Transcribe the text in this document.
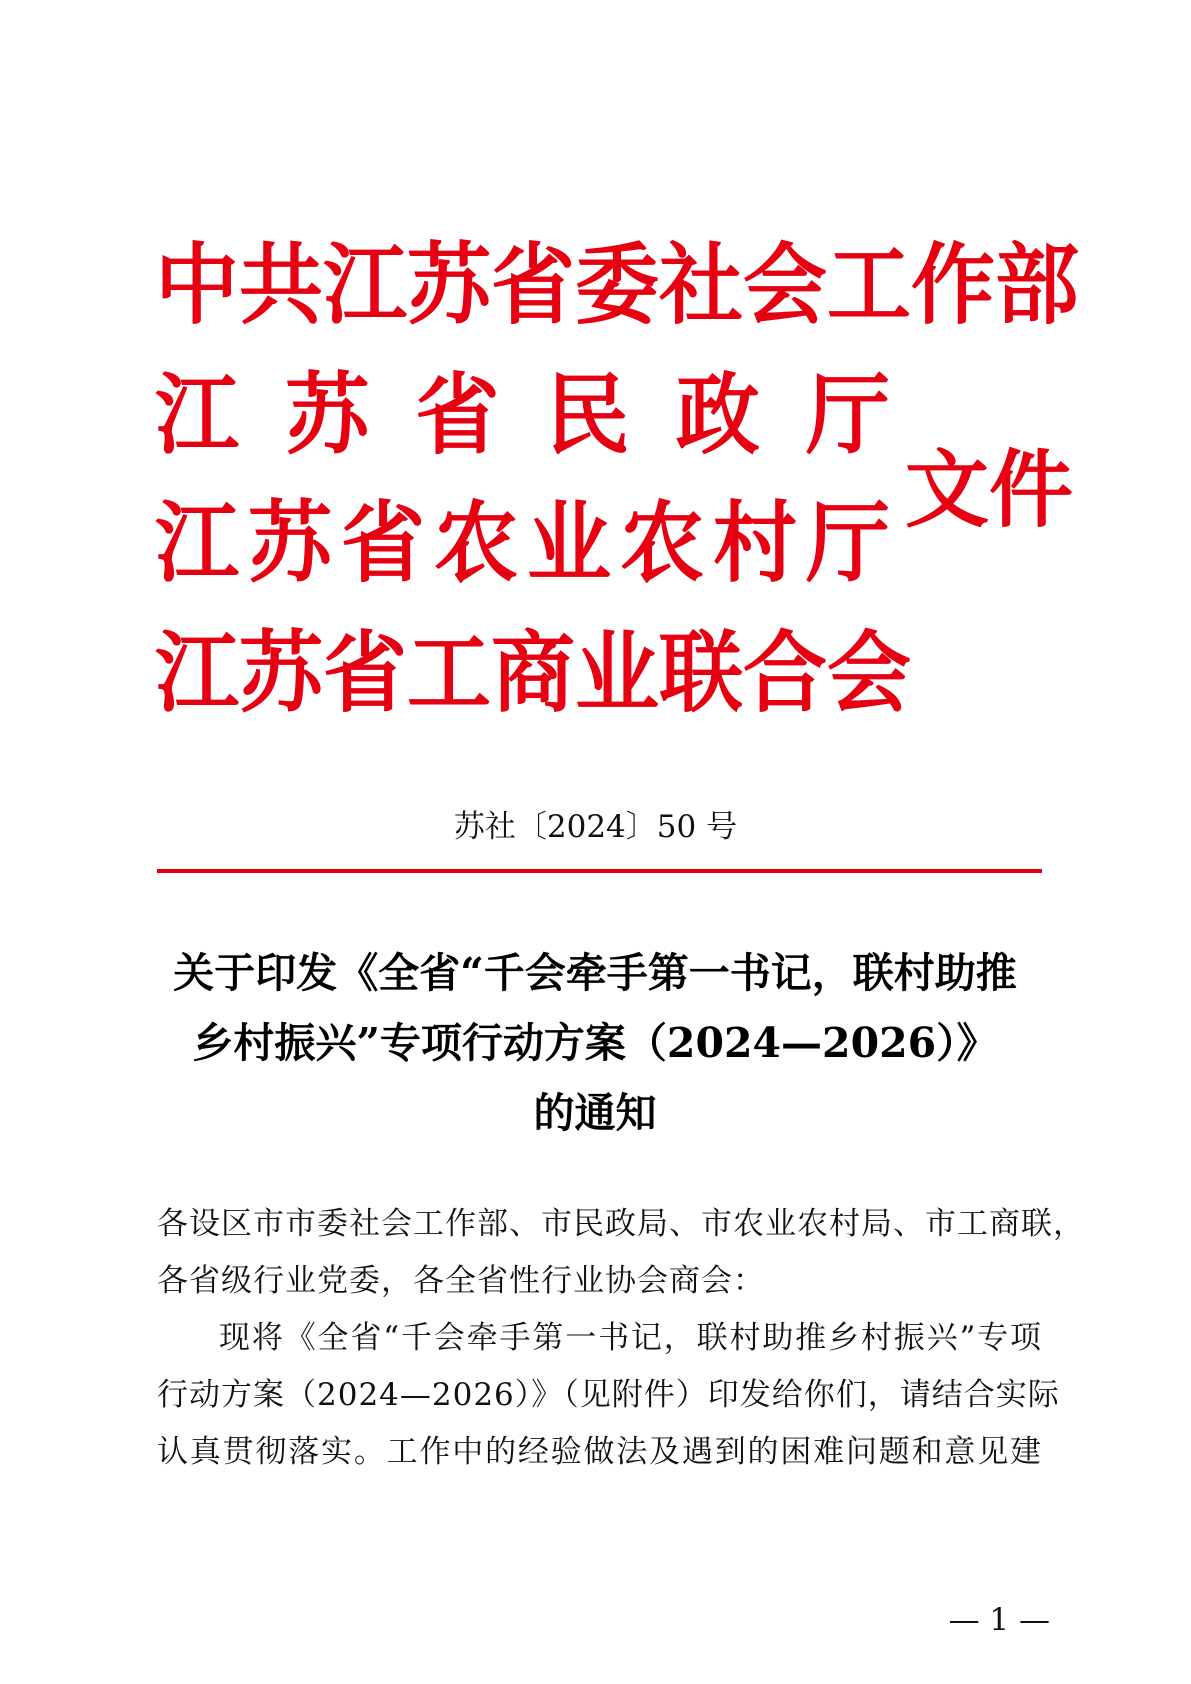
中共江苏省委社会工作部
江 苏 省 民 政 厅
江苏省农业农村厅
江苏省工商业联合会
文件
苏社〔2024〕50 号
关于印发《全省“千会牵手第一书记，联村助推
乡村振兴”专项行动方案（2024—2026）》
的通知
各设区市市委社会工作部、市民政局、市农业农村局、市工商联，
各省级行业党委，各全省性行业协会商会：
现将《全省“千会牵手第一书记，联村助推乡村振兴”专项
行动方案（2024—2026）》（见附件）印发给你们，请结合实际
认真贯彻落实。工作中的经验做法及遇到的困难问题和意见建
— 1 —
